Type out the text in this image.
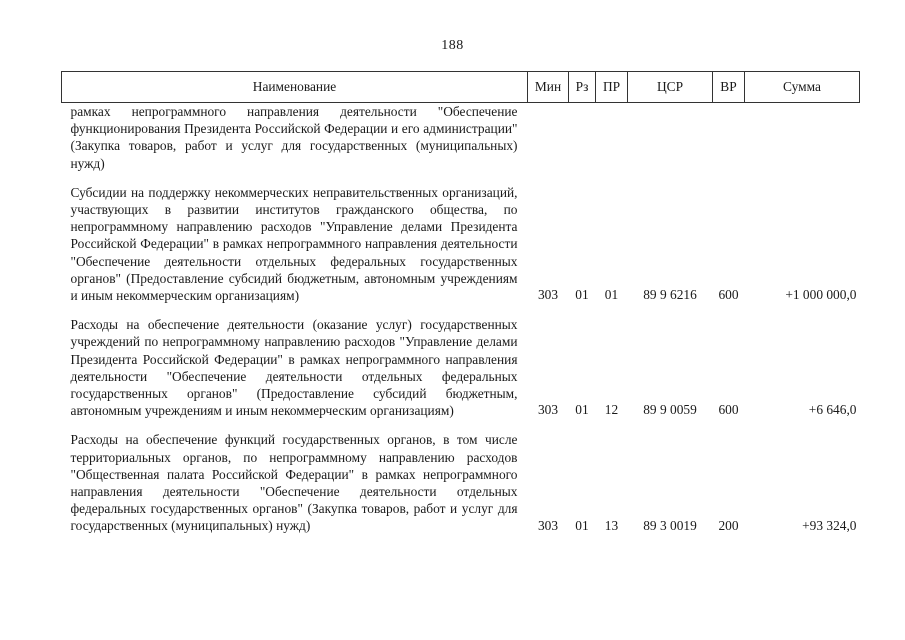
188
Наименование	Мин	Рз	ПР	ЦСР	ВР	Сумма
рамках непрограммного направления деятельности "Обеспечение функционирования Президента Российской Федерации и его администрации" (Закупка товаров, работ и услуг для государственных (муниципальных) нужд)						

Субсидии на поддержку некоммерческих неправительственных организаций, участвующих в развитии институтов гражданского общества, по непрограммному направлению расходов "Управление делами Президента Российской Федерации" в рамках непрограммного направления деятельности "Обеспечение деятельности отдельных федеральных государственных органов" (Предоставление субсидий бюджетным, автономным учреждениям и иным некоммерческим организациям)	303	01	01	89 9 6216	600	+1 000 000,0

Расходы на обеспечение деятельности (оказание услуг) государственных учреждений по непрограммному направлению расходов "Управление делами Президента Российской Федерации" в рамках непрограммного направления деятельности "Обеспечение деятельности отдельных федеральных государственных органов" (Предоставление субсидий бюджетным, автономным учреждениям и иным некоммерческим организациям)	303	01	12	89 9 0059	600	+6 646,0

Расходы на обеспечение функций государственных органов, в том числе территориальных органов, по непрограммному направлению расходов "Общественная палата Российской Федерации" в рамках непрограммного направления деятельности "Обеспечение деятельности отдельных федеральных государственных органов" (Закупка товаров, работ и услуг для государственных (муниципальных) нужд)	303	01	13	89 3 0019	200	+93 324,0
